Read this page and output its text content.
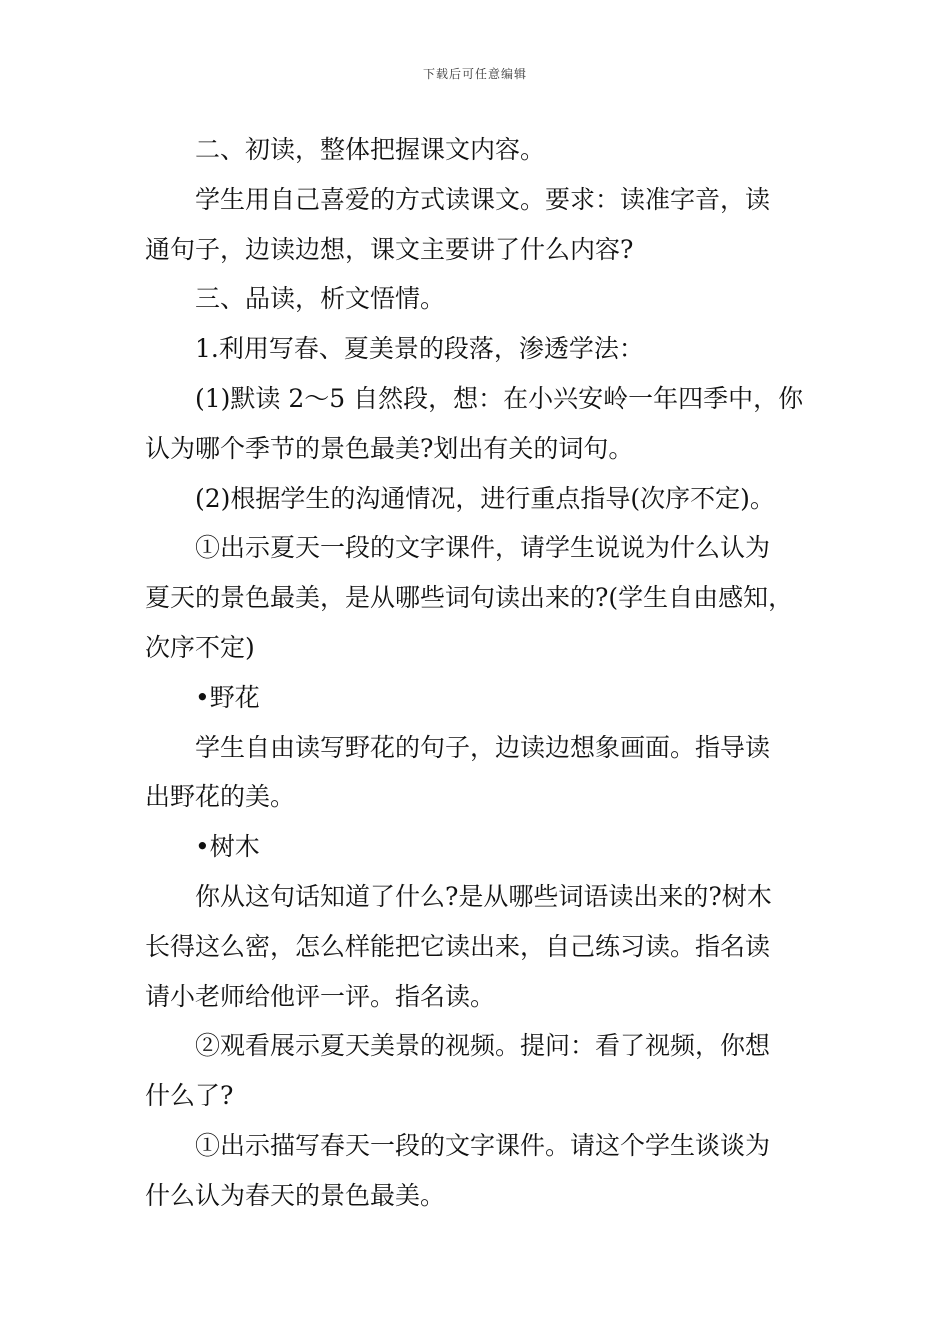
下载后可任意编辑
二、初读，整体把握课文内容。
学生用自己喜爱的方式读课文。要求：读准字音，读
通句子，边读边想，课文主要讲了什么内容?
三、品读，析文悟情。
1.利用写春、夏美景的段落，渗透学法：
(1)默读 2～5 自然段，想：在小兴安岭一年四季中，你
认为哪个季节的景色最美?划出有关的词句。
(2)根据学生的沟通情况，进行重点指导(次序不定)。
①出示夏天一段的文字课件，请学生说说为什么认为
夏天的景色最美，是从哪些词句读出来的?(学生自由感知，
次序不定)
•野花
学生自由读写野花的句子，边读边想象画面。指导读
出野花的美。
•树木
你从这句话知道了什么?是从哪些词语读出来的?树木
长得这么密，怎么样能把它读出来，自己练习读。指名读
请小老师给他评一评。指名读。
②观看展示夏天美景的视频。提问：看了视频，你想
什么了?
①出示描写春天一段的文字课件。请这个学生谈谈为
什么认为春天的景色最美。
